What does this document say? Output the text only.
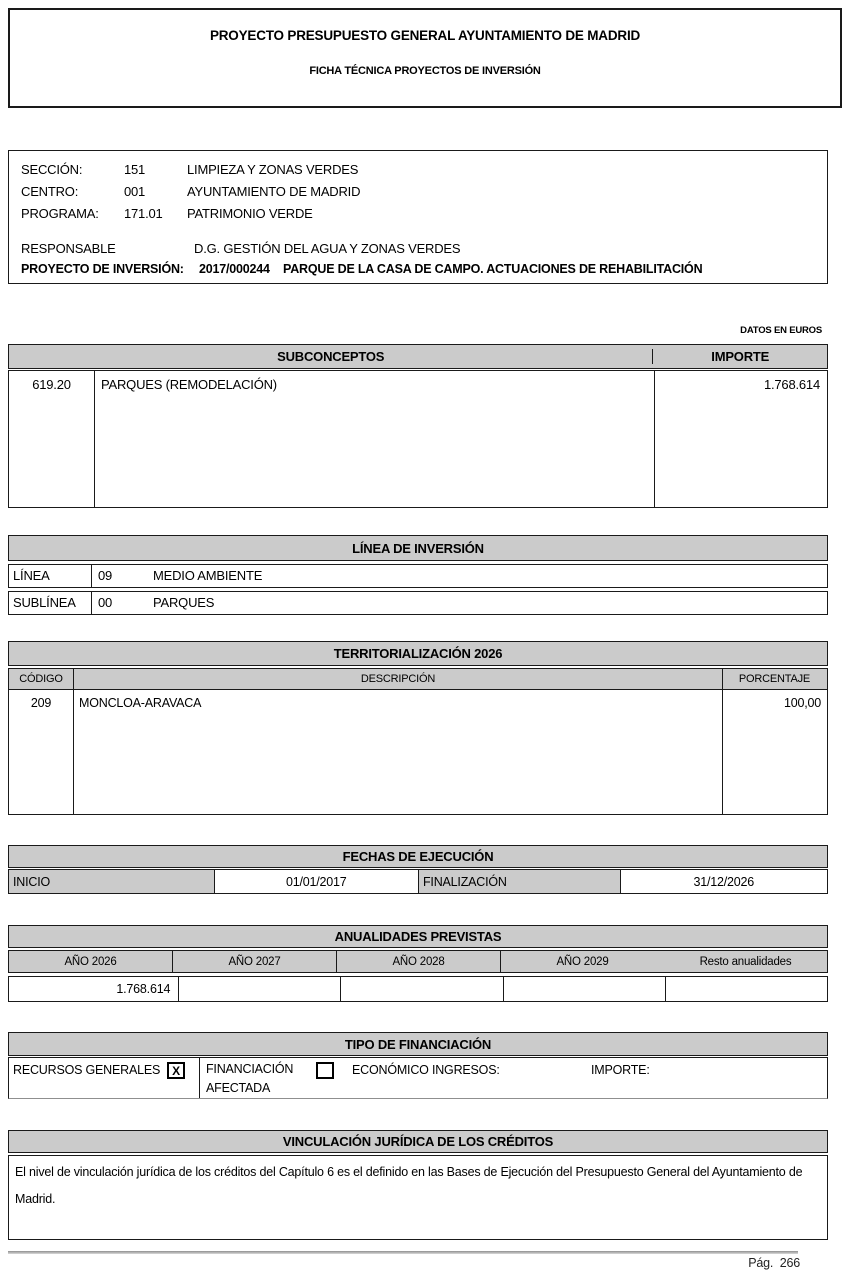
PROYECTO PRESUPUESTO GENERAL AYUNTAMIENTO DE MADRID
FICHA TÉCNICA PROYECTOS DE INVERSIÓN
SECCIÓN:	151	LIMPIEZA Y ZONAS VERDES
CENTRO:	001	AYUNTAMIENTO DE MADRID
PROGRAMA: 171.01 PATRIMONIO VERDE
RESPONSABLE	D.G. GESTIÓN DEL AGUA Y ZONAS VERDES
PROYECTO DE INVERSIÓN: 2017/000244 PARQUE DE LA CASA DE CAMPO. ACTUACIONES DE REHABILITACIÓN
DATOS EN EUROS
SUBCONCEPTOS	IMPORTE
619.20	PARQUES (REMODELACIÓN)	1.768.614
LÍNEA DE INVERSIÓN
LÍNEA	09	MEDIO AMBIENTE
SUBLÍNEA 00	PARQUES
TERRITORIALIZACIÓN 2026
CÓDIGO	DESCRIPCIÓN	PORCENTAJE
209	MONCLOA-ARAVACA	100,00
FECHAS DE EJECUCIÓN
INICIO	01/01/2017	FINALIZACIÓN	31/12/2026
ANUALIDADES PREVISTAS
AÑO 2026	AÑO 2027	AÑO 2028	AÑO 2029	Resto anualidades
1.768.614
TIPO DE FINANCIACIÓN
RECURSOS GENERALES X	FINANCIACIÓN
AFECTADA
ECONÓMICO INGRESOS:	IMPORTE:
VINCULACIÓN JURÍDICA DE LOS CRÉDITOS
El nivel de vinculación jurídica de los créditos del Capítulo 6 es el definido en las Bases de Ejecución del Presupuesto General del Ayuntamiento de Madrid.
Pág.  266
